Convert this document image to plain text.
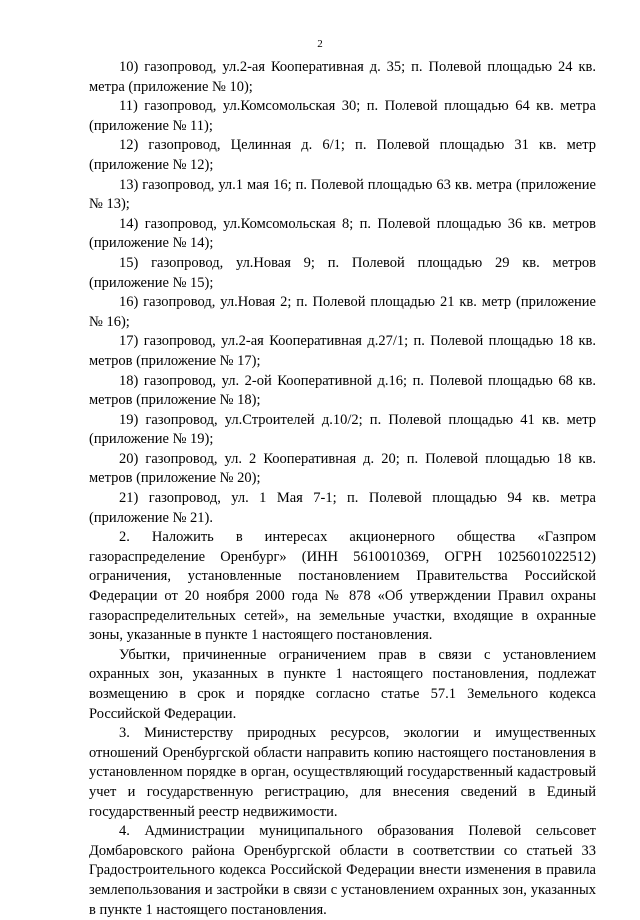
2

10) газопровод, ул.2-ая Кооперативная д. 35; п. Полевой площадью 24 кв. метра (приложение № 10);

11) газопровод, ул.Комсомольская 30; п. Полевой площадью 64 кв. метра (приложение № 11);

12) газопровод, Целинная д. 6/1; п. Полевой площадью 31 кв. метр (приложение № 12);

13) газопровод, ул.1 мая 16; п. Полевой площадью 63 кв. метра (приложение № 13);

14) газопровод, ул.Комсомольская 8; п. Полевой площадью 36 кв. метров (приложение № 14);

15) газопровод, ул.Новая 9; п. Полевой площадью 29 кв. метров (приложение № 15);

16) газопровод, ул.Новая 2; п. Полевой площадью 21 кв. метр (приложение № 16);

17) газопровод, ул.2-ая Кооперативная д.27/1; п. Полевой площадью 18 кв. метров (приложение № 17);

18) газопровод, ул. 2-ой Кооперативной д.16; п. Полевой площадью 68 кв. метров (приложение № 18);

19) газопровод, ул.Строителей д.10/2; п. Полевой площадью 41 кв. метр (приложение № 19);

20) газопровод, ул. 2 Кооперативная д. 20; п. Полевой площадью 18 кв. метров (приложение № 20);

21) газопровод, ул. 1 Мая 7-1; п. Полевой площадью 94 кв. метра (приложение № 21).

2. Наложить в интересах акционерного общества «Газпром газораспределение Оренбург» (ИНН 5610010369, ОГРН 1025601022512) ограничения, установленные постановлением Правительства Российской Федерации от 20 ноября 2000 года № 878 «Об утверждении Правил охраны газораспределительных сетей», на земельные участки, входящие в охранные зоны, указанные в пункте 1 настоящего постановления.

Убытки, причиненные ограничением прав в связи с установлением охранных зон, указанных в пункте 1 настоящего постановления, подлежат возмещению в срок и порядке согласно статье 57.1 Земельного кодекса Российской Федерации.

3. Министерству природных ресурсов, экологии и имущественных отношений Оренбургской области направить копию настоящего постановления в установленном порядке в орган, осуществляющий государственный кадастровый учет и государственную регистрацию, для внесения сведений в Единый государственный реестр недвижимости.

4. Администрации муниципального образования Полевой сельсовет Домбаровского района Оренбургской области в соответствии со статьей 33 Градостроительного кодекса Российской Федерации внести изменения в правила землепользования и застройки в связи с установлением охранных зон, указанных в пункте 1 настоящего постановления.
